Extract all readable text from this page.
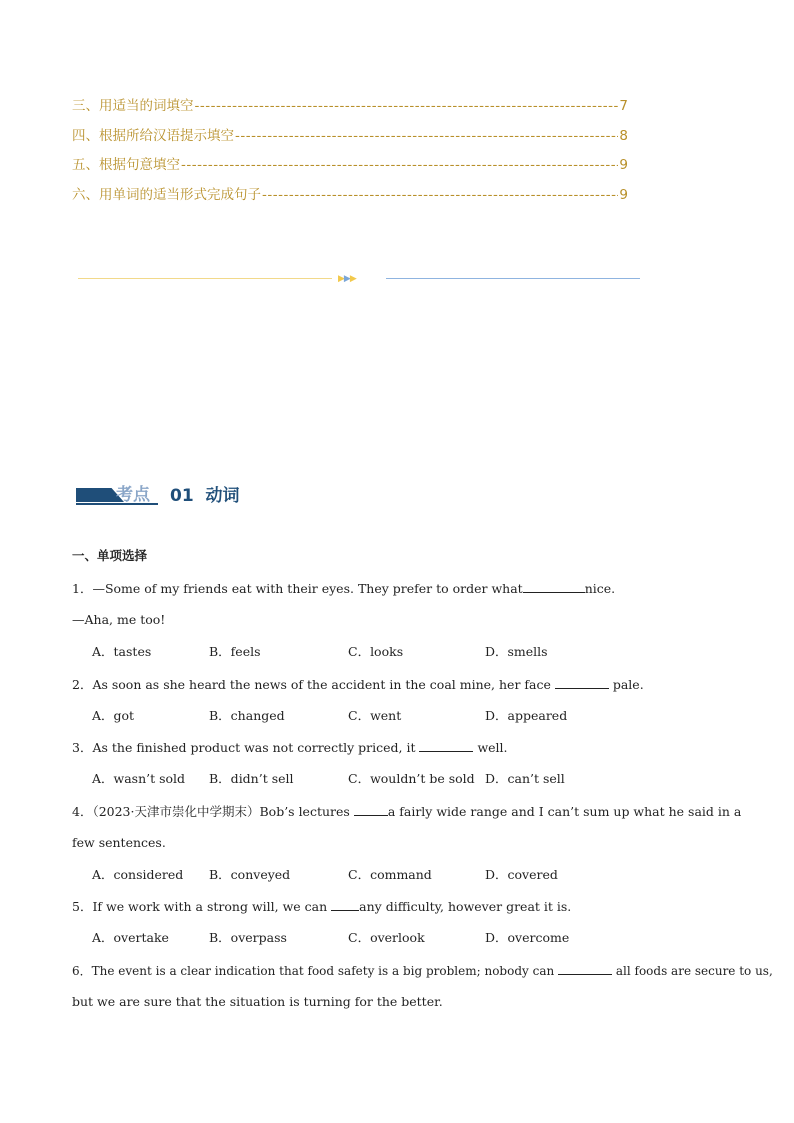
三、用适当的词填空 -----	7
四、根据所给汉语提示填空 -----	8
五、根据句意填空 -----	9
六、用单词的适当形式完成句子 -----	9
▶▶▶
考点 01 动词
一、单项选择
1．—Some of my friends eat with their eyes. They prefer to order what	nice.
—Aha, me too!
A．tastes	B．feels	C．looks	D．smells
2．As soon as she heard the news of the accident in the coal mine, her face	pale.
A．got	B．changed	C．went	D．appeared
3．As the finished product was not correctly priced, it	well.
A．wasn’t sold B．didn’t sell	C．wouldn’t be sold D．can’t sell
4．（2023·天津市崇化中学期末）Bob’s lectures	a fairly wide range and I can’t sum up what he said in a
few sentences.
A．considered B．conveyed	C．command	D．covered
5．If we work with a strong will, we can	any difficulty, however great it is.
A．overtake	B．overpass	C．overlook	D．overcome
6．The event is a clear indication that food safety is a big problem; nobody can	all foods are secure to us,
but we are sure that the situation is turning for the better.
